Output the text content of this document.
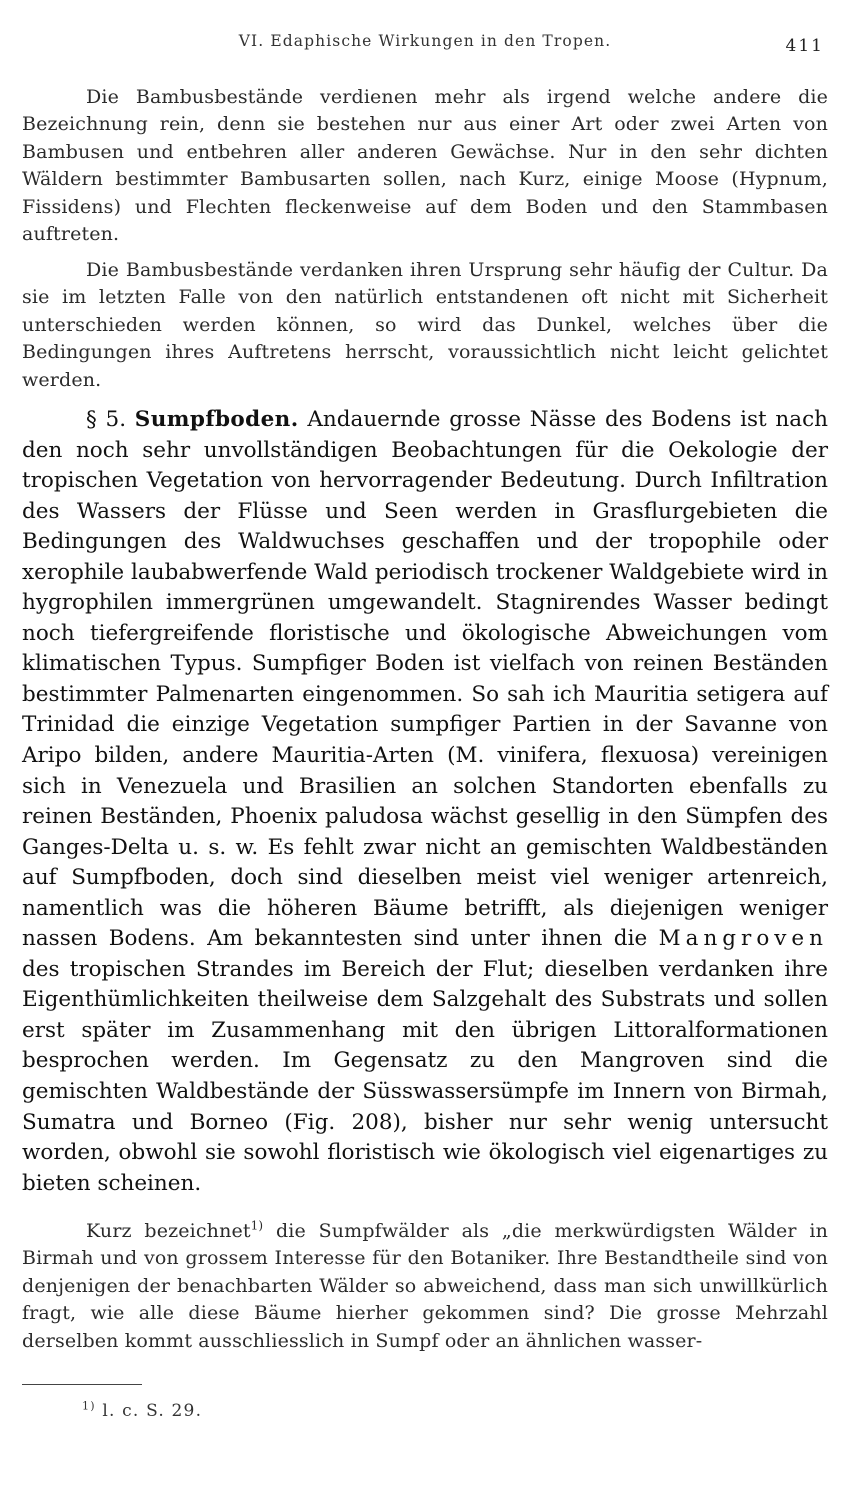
VI. Edaphische Wirkungen in den Tropen.	411

Die Bambusbestände verdienen mehr als irgend welche andere die Bezeichnung rein, denn sie bestehen nur aus einer Art oder zwei Arten von Bambusen und entbehren aller anderen Gewächse. Nur in den sehr dichten Wäldern bestimmter Bambusarten sollen, nach Kurz, einige Moose (Hypnum, Fissidens) und Flechten fleckenweise auf dem Boden und den Stammbasen auftreten.

Die Bambusbestände verdanken ihren Ursprung sehr häufig der Cultur. Da sie im letzten Falle von den natürlich entstandenen oft nicht mit Sicherheit unterschieden werden können, so wird das Dunkel, welches über die Bedingungen ihres Auftretens herrscht, voraussichtlich nicht leicht gelichtet werden.

§ 5. Sumpfboden. Andauernde grosse Nässe des Bodens ist nach den noch sehr unvollständigen Beobachtungen für die Oekologie der tropischen Vegetation von hervorragender Bedeutung. Durch Infiltration des Wassers der Flüsse und Seen werden in Grasflurgebieten die Bedingungen des Waldwuchses geschaffen und der tropophile oder xerophile laubabwerfende Wald periodisch trockener Waldgebiete wird in hygrophilen immergrünen umgewandelt. Stagnirendes Wasser bedingt noch tiefergreifende floristische und ökologische Abweichungen vom klimatischen Typus. Sumpfiger Boden ist vielfach von reinen Beständen bestimmter Palmenarten eingenommen. So sah ich Mauritia setigera auf Trinidad die einzige Vegetation sumpfiger Partien in der Savanne von Aripo bilden, andere Mauritia-Arten (M. vinifera, flexuosa) vereinigen sich in Venezuela und Brasilien an solchen Standorten ebenfalls zu reinen Beständen, Phoenix paludosa wächst gesellig in den Sümpfen des Ganges-Delta u. s. w. Es fehlt zwar nicht an gemischten Waldbeständen auf Sumpfboden, doch sind dieselben meist viel weniger artenreich, namentlich was die höheren Bäume betrifft, als diejenigen weniger nassen Bodens. Am bekanntesten sind unter ihnen die Mangroven des tropischen Strandes im Bereich der Flut; dieselben verdanken ihre Eigenthümlichkeiten theilweise dem Salzgehalt des Substrats und sollen erst später im Zusammenhang mit den übrigen Littoralformationen besprochen werden. Im Gegensatz zu den Mangroven sind die gemischten Waldbestände der Süsswassersümpfe im Innern von Birmah, Sumatra und Borneo (Fig. 208), bisher nur sehr wenig untersucht worden, obwohl sie sowohl floristisch wie ökologisch viel eigenartiges zu bieten scheinen.

Kurz bezeichnet$^{1)}$ die Sumpfwälder als „die merkwürdigsten Wälder in Birmah und von grossem Interesse für den Botaniker. Ihre Bestandtheile sind von denjenigen der benachbarten Wälder so abweichend, dass man sich unwillkürlich fragt, wie alle diese Bäume hierher gekommen sind? Die grosse Mehrzahl derselben kommt ausschliesslich in Sumpf oder an ähnlichen wasser-

$^{1)}$ l. c. S. 29.
